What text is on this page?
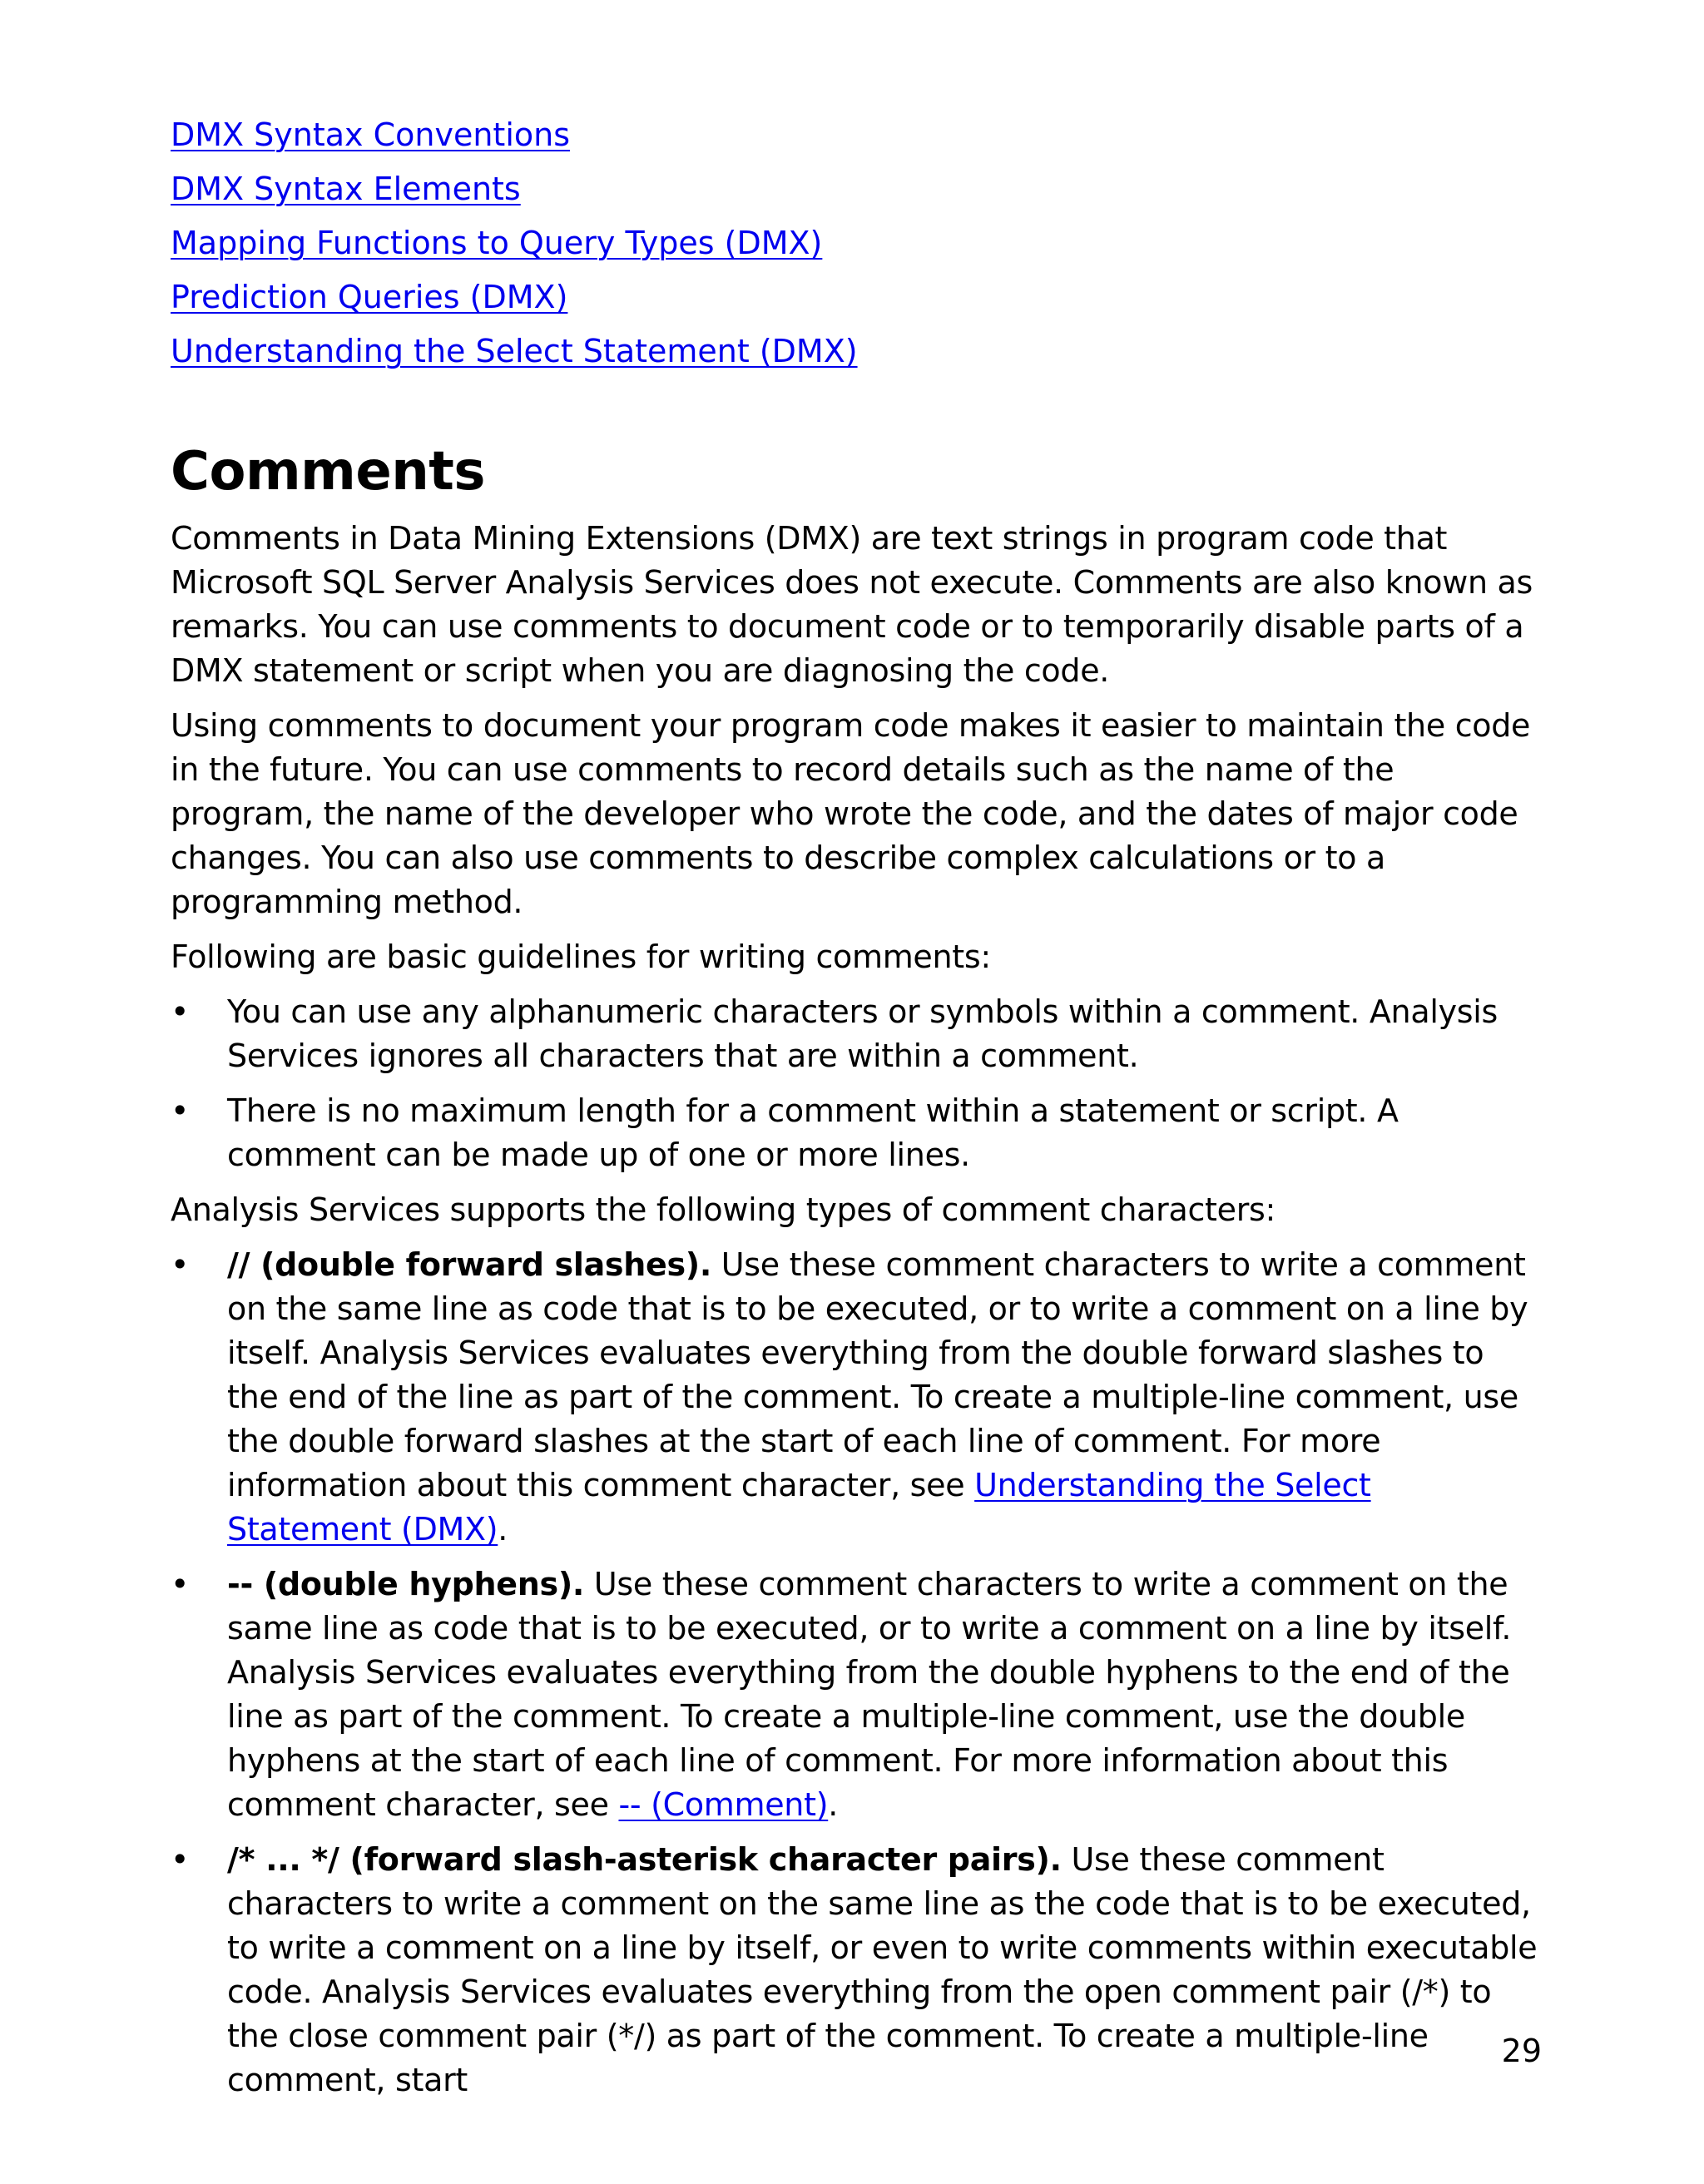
DMX Syntax Conventions
DMX Syntax Elements
Mapping Functions to Query Types (DMX)
Prediction Queries (DMX)
Understanding the Select Statement (DMX)
Comments

Comments in Data Mining Extensions (DMX) are text strings in program code that Microsoft SQL Server Analysis Services does not execute. Comments are also known as remarks. You can use comments to document code or to temporarily disable parts of a DMX statement or script when you are diagnosing the code.

Using comments to document your program code makes it easier to maintain the code in the future. You can use comments to record details such as the name of the program, the name of the developer who wrote the code, and the dates of major code changes. You can also use comments to describe complex calculations or to a programming method.

Following are basic guidelines for writing comments:

• You can use any alphanumeric characters or symbols within a comment. Analysis Services ignores all characters that are within a comment.
• There is no maximum length for a comment within a statement or script. A comment can be made up of one or more lines.

Analysis Services supports the following types of comment characters:

• // (double forward slashes). Use these comment characters to write a comment on the same line as code that is to be executed, or to write a comment on a line by itself. Analysis Services evaluates everything from the double forward slashes to the end of the line as part of the comment. To create a multiple-line comment, use the double forward slashes at the start of each line of comment. For more information about this comment character, see Understanding the Select Statement (DMX).
• -- (double hyphens). Use these comment characters to write a comment on the same line as code that is to be executed, or to write a comment on a line by itself. Analysis Services evaluates everything from the double hyphens to the end of the line as part of the comment. To create a multiple-line comment, use the double hyphens at the start of each line of comment. For more information about this comment character, see -- (Comment).
• /* ... */ (forward slash-asterisk character pairs). Use these comment characters to write a comment on the same line as the code that is to be executed, to write a comment on a line by itself, or even to write comments within executable code. Analysis Services evaluates everything from the open comment pair (/*) to the close comment pair (*/) as part of the comment. To create a multiple-line comment, start
29
